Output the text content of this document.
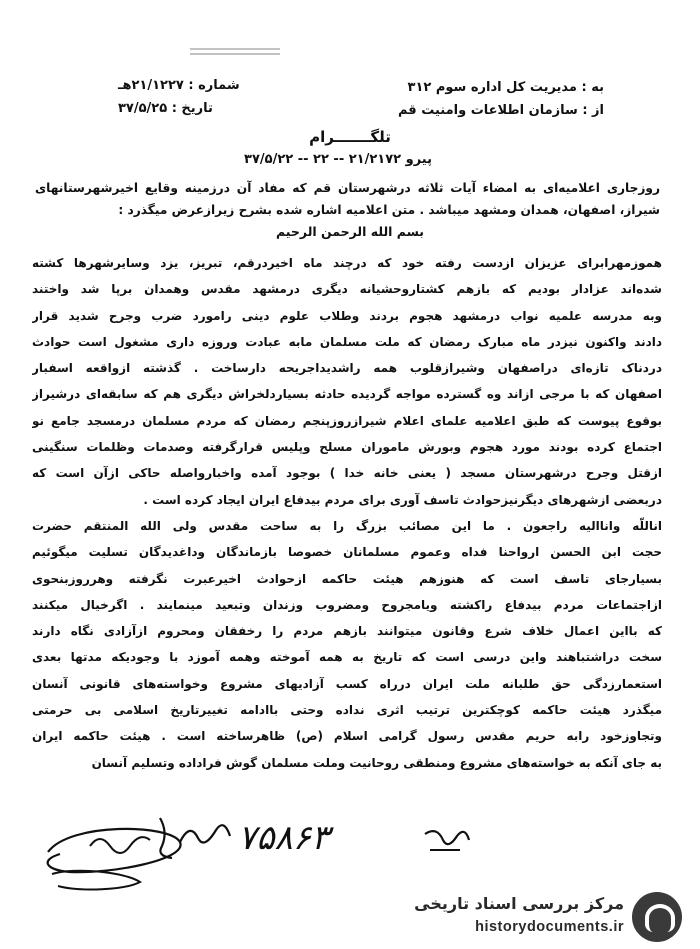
به : مدیریت کل اداره سوم ۳۱۲
از : سازمان اطلاعات وامنیت قم
شماره : ۲۱/۱۲۲۷هـ
تاریخ : ۳۷/۵/۲۵
تلگـــــــرام
پیرو ۲۱/۲۱۷۲ -- ۲۲ -- ۳۷/۵/۲۲
روزجاری اعلامیه‌ای به امضاء آیات ثلاثه درشهرستان قم که مفاد آن درزمینه وقایع اخیرشهرستانهای شیراز، اصفهان، همدان ومشهد میباشد . متن اعلامیه اشاره شده بشرح زیرازعرض میگذرد :
بسم الله الرحمن الرحیم
هموزمهرابرای عزیزان ازدست رفته خود که درچند ماه اخیردرقم، تبریز، یزد وسایرشهرها کشته
شده‌اند عزادار بودیم که بازهم کشتاروحشیانه دیگری درمشهد مقدس وهمدان برپا شد واختند
وبه مدرسه علمیه نواب درمشهد هجوم بردند وطلاب علوم دینی رامورد ضرب وجرح شدید قرار
دادند واکنون نیزدر ماه مبارک رمضان که ملت مسلمان مابه عبادت وروزه داری مشغول است حوادث
دردناک تازه‌ای دراصفهان وشیرازقلوب همه راشدیداجریحه دارساخت . گذشته ازواقعه اسفبار
اصفهان که با مرجی ازاند وه گسترده مواجه گردیده حادثه بسیاردلخراش دیگری هم که سابقه‌ای درشیراز
بوقوع پیوست که طبق اعلامیه علمای اعلام شیرازروزپنجم رمضان که مردم مسلمان درمسجد جامع نو
اجتماع کرده بودند مورد هجوم وبورش ماموران مسلح وپلیس قرارگرفته وصدمات وظلمات سنگینی
ازقتل وجرح درشهرستان مسجد ( یعنی خانه خدا ) بوجود آمده واخبارواصله حاکی ازآن است که
دربعضی ازشهرهای دیگرنیزحوادث تاسف آوری برای مردم بیدفاع ایران ایجاد کرده است .
اناللّه واناالیه راجعون . ما این مصائب بزرگ را به ساحت مقدس ولی الله المنتقم حضرت
حجت ابن الحسن ارواحنا فداه وعموم مسلمانان خصوصا بازماندگان وداغدیدگان تسلیت میگوئیم
بسیارجای تاسف است که هنوزهم هیئت حاکمه ازحوادث اخیرعبرت نگرفته وهرروزبنحوی
ازاجتماعات مردم بیدفاع راکشته ویامجروح ومضروب وزندان وتبعید مینمایند . اگرخیال میکنند
که بااین اعمال خلاف شرع وقانون میتوانند بازهم مردم را رخفقان ومحروم ازآزادی نگاه دارند
سخت دراشتباهند واین درسی است که تاریخ به همه آموخته وهمه آموزد با وجودیکه مدتها بعدی
استعمارزدگی حق طلبانه ملت ایران درراه کسب آزادیهای مشروع وخواسته‌های قانونی آنسان
میگذرد هیئت حاکمه کوچکترین ترتیب اثری نداده وحتی باادامه تغییرتاریخ اسلامی بی حرمتی
وتجاوزخود رابه حریم مقدس رسول گرامی اسلام (ص) ظاهرساخته است . هیئت حاکمه ایران
به جای آنکه به خواسته‌های مشروع ومنطقی روحانیت وملت مسلمان گوش فراداده وتسلیم آنسان
۷۵۸۶۳
مرکز بررسی اسناد تاریخی
historydocuments.ir
